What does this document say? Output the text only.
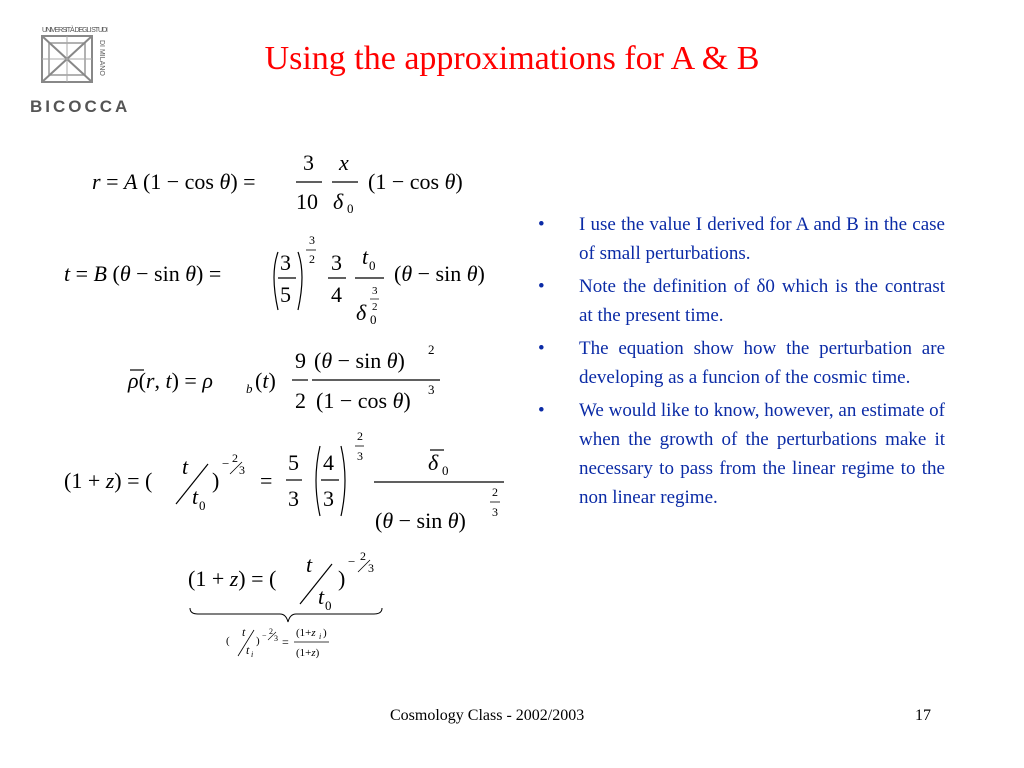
UNIVERSITÀ DEGLI STUDI
DI MILANO
BICOCCA
Using the approximations for A & B
r = A (1 − cos θ) =
3
10
x
δ 0
(1 − cos θ)
t = B (θ − sin θ) =	3
5
3
2 3
4
t 0
δ 0
3
2
(θ − sin θ)
ρ(r, t) = ρ	b (t)
9
2
(θ − sin θ) 2
(1 − cos θ) 3
(1 + z) = (
t
t 0
)
− 2
3 =
5
3
4
3
2
3	δ 0
(θ − sin θ)
2
3
(1 + z) = (
t
t 0
)
− 2
3
(
t
t i
) − 2
3 =
(1+z i )
(1+z)
• I use the value I derived for A and B in the case of small perturbations.
• Note the definition of δ0 which is the contrast at the present time.
• The equation show how the perturbation are developing as a funcion of the cosmic time.
• We would like to know, however, an estimate of when the growth of the perturbations make it necessary to pass from the linear regime to the non linear regime.
Cosmology Class - 2002/2003	17
